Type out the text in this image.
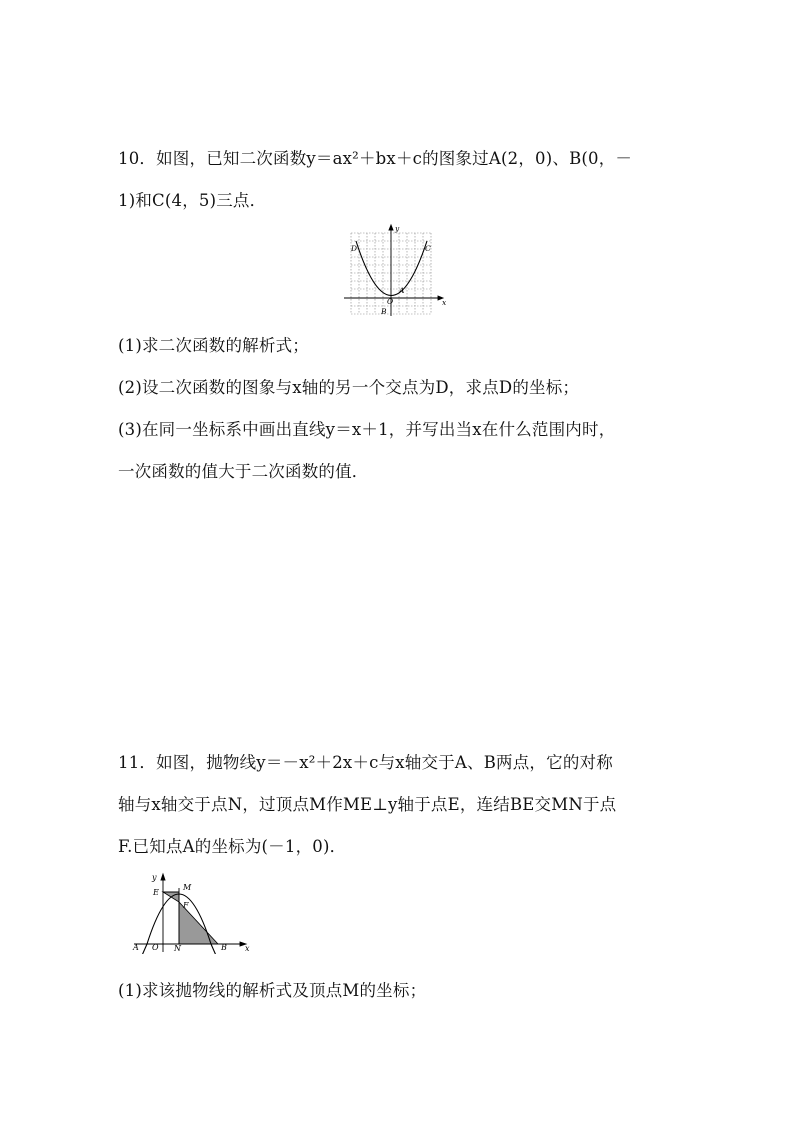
10．如图，已知二次函数y＝ax²＋bx＋c的图象过A(2，0)、B(0，－
1)和C(4，5)三点．
y
x
D	C
A
O
B
(1)求二次函数的解析式；
(2)设二次函数的图象与x轴的另一个交点为D，求点D的坐标；
(3)在同一坐标系中画出直线y＝x＋1，并写出当x在什么范围内时，
一次函数的值大于二次函数的值．
11．如图，抛物线y＝－x²＋2x＋c与x轴交于A、B两点，它的对称
轴与x轴交于点N，过顶点M作ME⊥y轴于点E，连结BE交MN于点
F.已知点A的坐标为(－1，0)．
y
x
E
M
F
A O N	B
(1)求该抛物线的解析式及顶点M的坐标；
